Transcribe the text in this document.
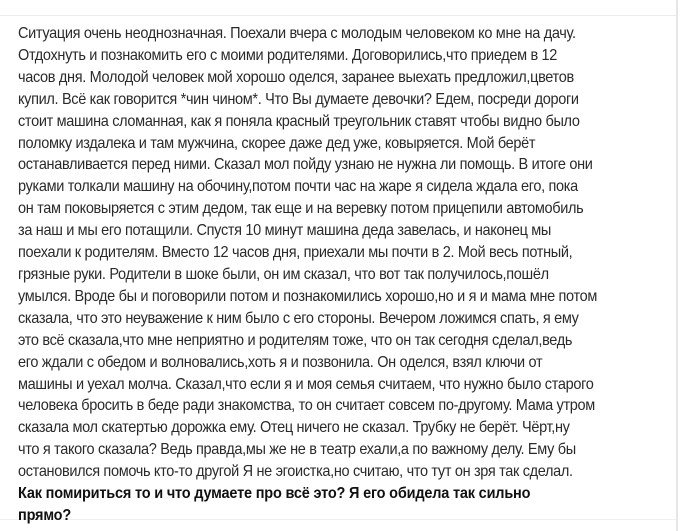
Ситуация очень неоднозначная. Поехали вчера с молодым человеком ко мне на дачу.
Отдохнуть и познакомить его с моими родителями. Договорились,что приедем в 12
часов дня. Молодой человек мой хорошо оделся, заранее выехать предложил,цветов
купил. Всё как говорится *чин чином*. Что Вы думаете девочки? Едем, посреди дороги
стоит машина сломанная, как я поняла красный треугольник ставят чтобы видно было
поломку издалека и там мужчина, скорее даже дед уже, ковыряется. Мой берёт
останавливается перед ними. Сказал мол пойду узнаю не нужна ли помощь. В итоге они
руками толкали машину на обочину,потом почти час на жаре я сидела ждала его, пока
он там поковыряется с этим дедом, так еще и на веревку потом прицепили автомобиль
за наш и мы его потащили. Спустя 10 минут машина деда завелась, и наконец мы
поехали к родителям. Вместо 12 часов дня, приехали мы почти в 2. Мой весь потный,
грязные руки. Родители в шоке были, он им сказал, что вот так получилось,пошёл
умылся. Вроде бы и поговорили потом и познакомились хорошо,но и я и мама мне потом
сказала, что это неуважение к ним было с его стороны. Вечером ложимся спать, я ему
это всё сказала,что мне неприятно и родителям тоже, что он так сегодня сделал,ведь
его ждали с обедом и волновались,хоть я и позвонила. Он оделся, взял ключи от
машины и уехал молча. Сказал,что если я и моя семья считаем, что нужно было старого
человека бросить в беде ради знакомства, то он считает совсем по-другому. Мама утром
сказала мол скатертью дорожка ему. Отец ничего не сказал. Трубку не берёт. Чёрт,ну
что я такого сказала? Ведь правда,мы же не в театр ехали,а по важному делу. Ему бы
остановился помочь кто-то другой Я не эгоистка,но считаю, что тут он зря так сделал.

Как помириться то и что думаете про всё это? Я его обидела так сильно
прямо?
